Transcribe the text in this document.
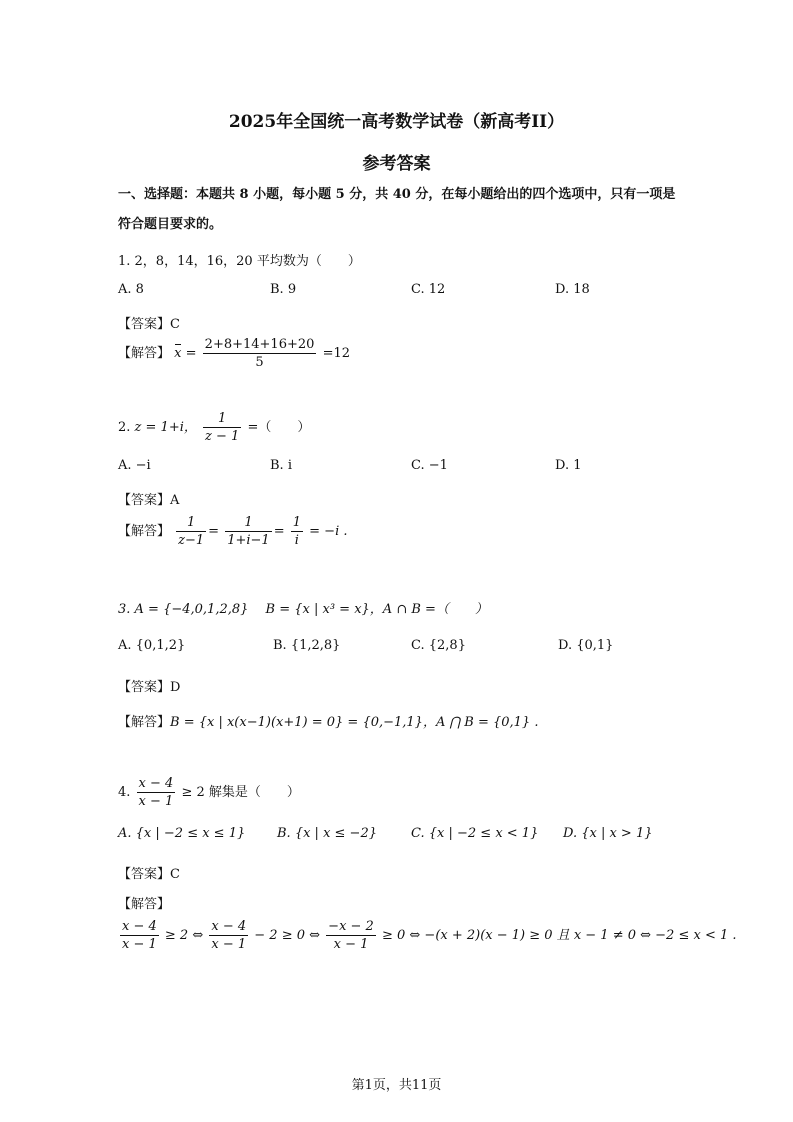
2025年全国统一高考数学试卷（新高考II）
参考答案
一、选择题：本题共 8 小题，每小题 5 分，共 40 分，在每小题给出的四个选项中，只有一项是符合题目要求的。
1. 2，8，14，16，20 平均数为（　　）
A. 8	B. 9	C. 12	D. 18
【答案】C
【解答】 $x = \frac{2+8+14+16+20}{5} =12$
2. z = 1+i， $\frac{1}{z - 1}$ =（　　）
A. −i	B. i	C. −1	D. 1
【答案】A
【解答】 $\frac{1}{z-1} = \frac{1}{1+i-1} = \frac{1}{i} = -i$ .
3. A = {−4,0,1,2,8}　 B = {x | x³ = x}，A ∩ B =（　　）
A. {0,1,2}	B. {1,2,8}	C. {2,8}	D. {0,1}
【答案】D
【解答】B = {x | x(x−1)(x+1) = 0} = {0,−1,1}，A ⋂ B = {0,1} .
4. $\frac{x - 4}{x - 1} \ge 2$ 解集是（　　）
A. {x | −2 ≤ x ≤ 1} B. {x | x ≤ −2}	C. {x | −2 ≤ x < 1} D. {x | x > 1}
【答案】C
【解答】
$\frac{x - 4}{x - 1} \ge 2$ ⇔ $\frac{x - 4}{x - 1} - 2 \ge 0$ ⇔ $\frac{-x - 2}{x - 1} \ge 0$ ⇔ −(x + 2)(x − 1) ≥ 0 且 x − 1 ≠ 0 ⇔ −2 ≤ x < 1 .
第1页，共11页
